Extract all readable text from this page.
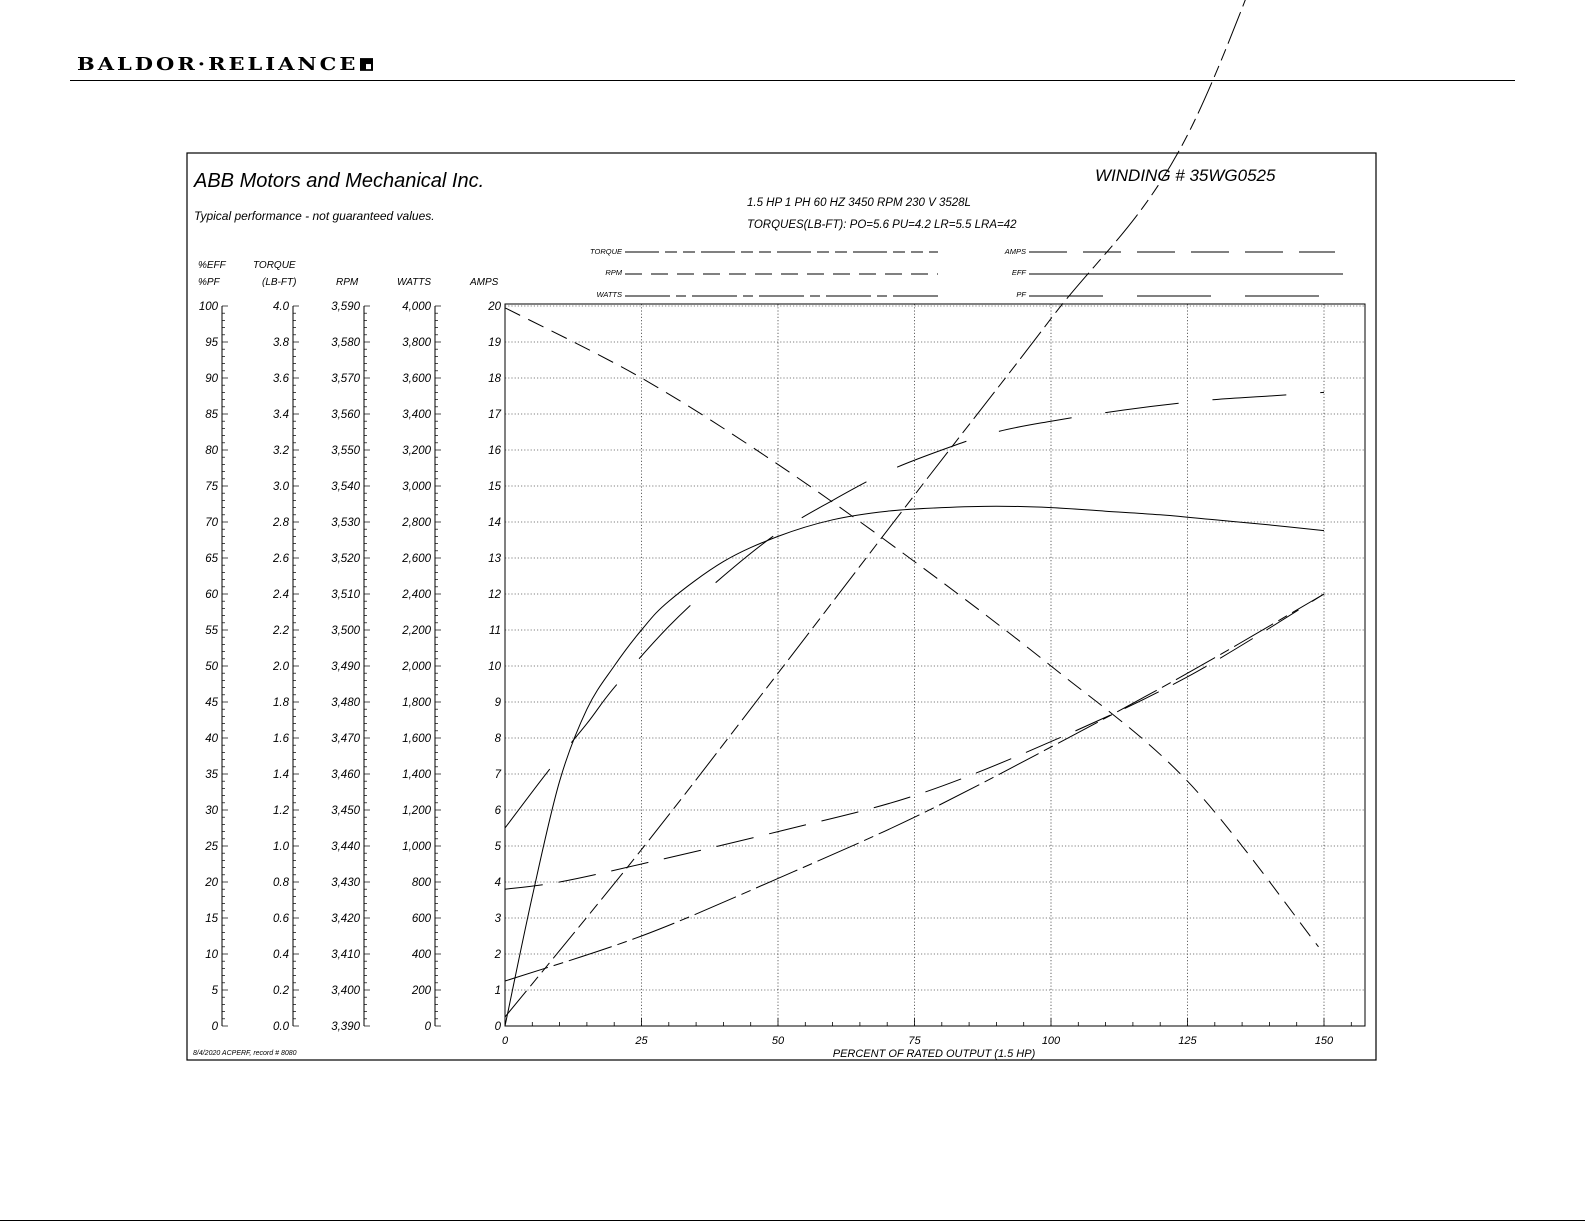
BALDOR·RELIANCE
ABB Motors and Mechanical Inc.
Typical performance - not guaranteed values.
WINDING # 35WG0525
1.5 HP 1 PH 60 HZ 3450 RPM 230 V 3528L
TORQUES(LB-FT): PO=5.6 PU=4.2 LR=5.5 LRA=42
%EFF
%PF
TORQUE
(LB-FT)	RPM	WATTS	AMPS
TORQUE
RPM
WATTS
AMPS
EFF
PF
100
95
90
85
80
75
70
65
60
55
50
45
40
35
30
25
20
15
10
5
0
4.0
3.8
3.6
3.4
3.2
3.0
2.8
2.6
2.4
2.2
2.0
1.8
1.6
1.4
1.2
1.0
0.8
0.6
0.4
0.2
0.0
3,590
3,580
3,570
3,560
3,550
3,540
3,530
3,520
3,510
3,500
3,490
3,480
3,470
3,460
3,450
3,440
3,430
3,420
3,410
3,400
3,390
4,000
3,800
3,600
3,400
3,200
3,000
2,800
2,600
2,400
2,200
2,000
1,800
1,600
1,400
1,200
1,000
800
600
400
200
0
20
19
18
17
16
15
14
13
12
11
10
9
8
7
6
5
4
3
2
1
0
0	25	50	75	100	125	150
PERCENT OF RATED OUTPUT (1.5 HP)
8/4/2020 ACPERF, record # 8080
